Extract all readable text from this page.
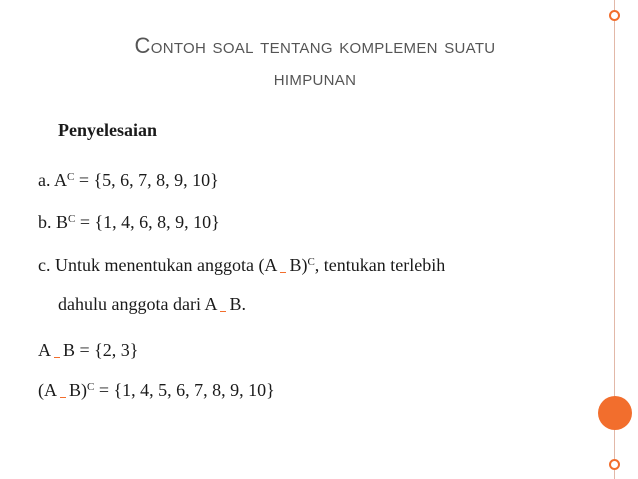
Contoh soal tentang komplemen suatu
himpunan
Penyelesaian
a. $A^C = \{5$, 6, 7, 8, 9, 10}
b. $B^C = \{1$, 4, 6, 8, 9, 10}
c. Untuk menentukan anggota (A B)$^C$, tentukan terlebih
dahulu anggota dari A B.
A B = {2, 3}
(A B)$^C$ = {1, 4, 5, 6, 7, 8, 9, 10}
